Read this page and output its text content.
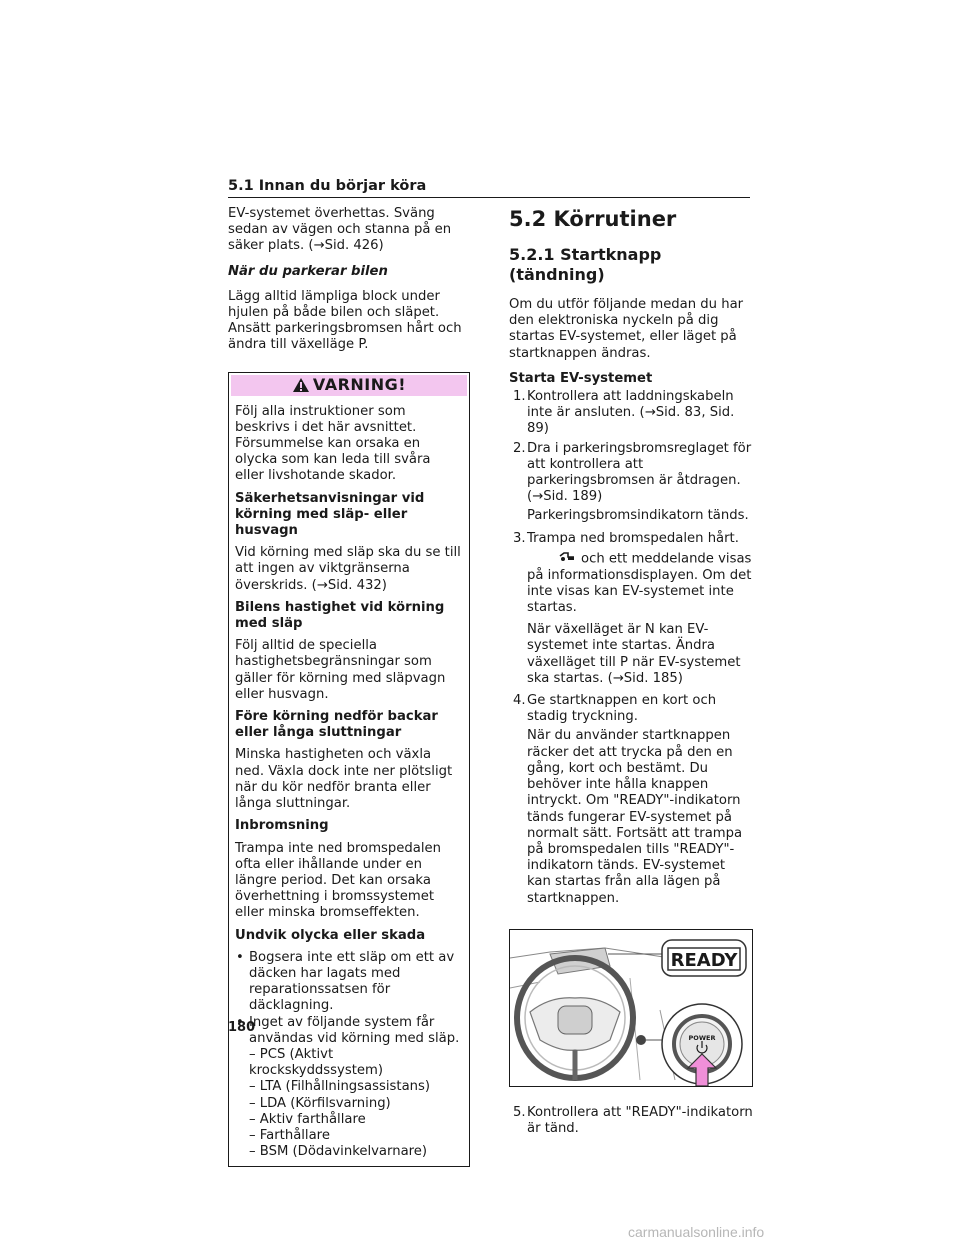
5.1 Innan du börjar köra

EV-systemet överhettas. Sväng sedan av vägen och stanna på en säker plats. (→Sid. 426)

När du parkerar bilen

Lägg alltid lämpliga block under hjulen på både bilen och släpet. Ansätt parkeringsbromsen hårt och ändra till växelläge P.

VARNING!

Följ alla instruktioner som beskrivs i det här avsnittet. Försummelse kan orsaka en olycka som kan leda till svåra eller livshotande skador.

Säkerhetsanvisningar vid körning med släp- eller husvagn

Vid körning med släp ska du se till att ingen av viktgränserna överskrids. (→Sid. 432)

Bilens hastighet vid körning med släp

Följ alltid de speciella hastighetsbegränsningar som gäller för körning med släpvagn eller husvagn.

Före körning nedför backar eller långa sluttningar

Minska hastigheten och växla ned. Växla dock inte ner plötsligt när du kör nedför branta eller långa sluttningar.

Inbromsning

Trampa inte ned bromspedalen ofta eller ihållande under en längre period. Det kan orsaka överhettning i bromssystemet eller minska bromseffekten.

Undvik olycka eller skada

• Bogsera inte ett släp om ett av däcken har lagats med reparationssatsen för däcklagning.
• Inget av följande system får användas vid körning med släp.
– PCS (Aktivt krockskyddssystem)
– LTA (Filhållningsassistans)
– LDA (Körfilsvarning)
– Aktiv farthållare
– Farthållare
– BSM (Dödavinkelvarnare)
5.2 Körrutiner
5.2.1 Startknapp (tändning)

Om du utför följande medan du har den elektroniska nyckeln på dig startas EV-systemet, eller läget på startknappen ändras.

Starta EV-systemet

1. Kontrollera att laddningskabeln inte är ansluten. (→Sid. 83, Sid. 89)
2. Dra i parkeringsbromsreglaget för att kontrollera att parkeringsbromsen är åtdragen. (→Sid. 189)
Parkeringsbromsindikatorn tänds.
3. Trampa ned bromspedalen hårt.
och ett meddelande visas på informationsdisplayen. Om det inte visas kan EV-systemet inte startas.
När växelläget är N kan EV-systemet inte startas. Ändra växelläget till P när EV-systemet ska startas. (→Sid. 185)
4. Ge startknappen en kort och stadig tryckning.
När du använder startknappen räcker det att trycka på den en gång, kort och bestämt. Du behöver inte hålla knappen intryckt. Om "READY"-indikatorn tänds fungerar EV-systemet på normalt sätt. Fortsätt att trampa på bromspedalen tills "READY"-indikatorn tänds. EV-systemet kan startas från alla lägen på startknappen.
READY
POWER
5. Kontrollera att "READY"-indikatorn är tänd.
180
carmanualsonline.info
